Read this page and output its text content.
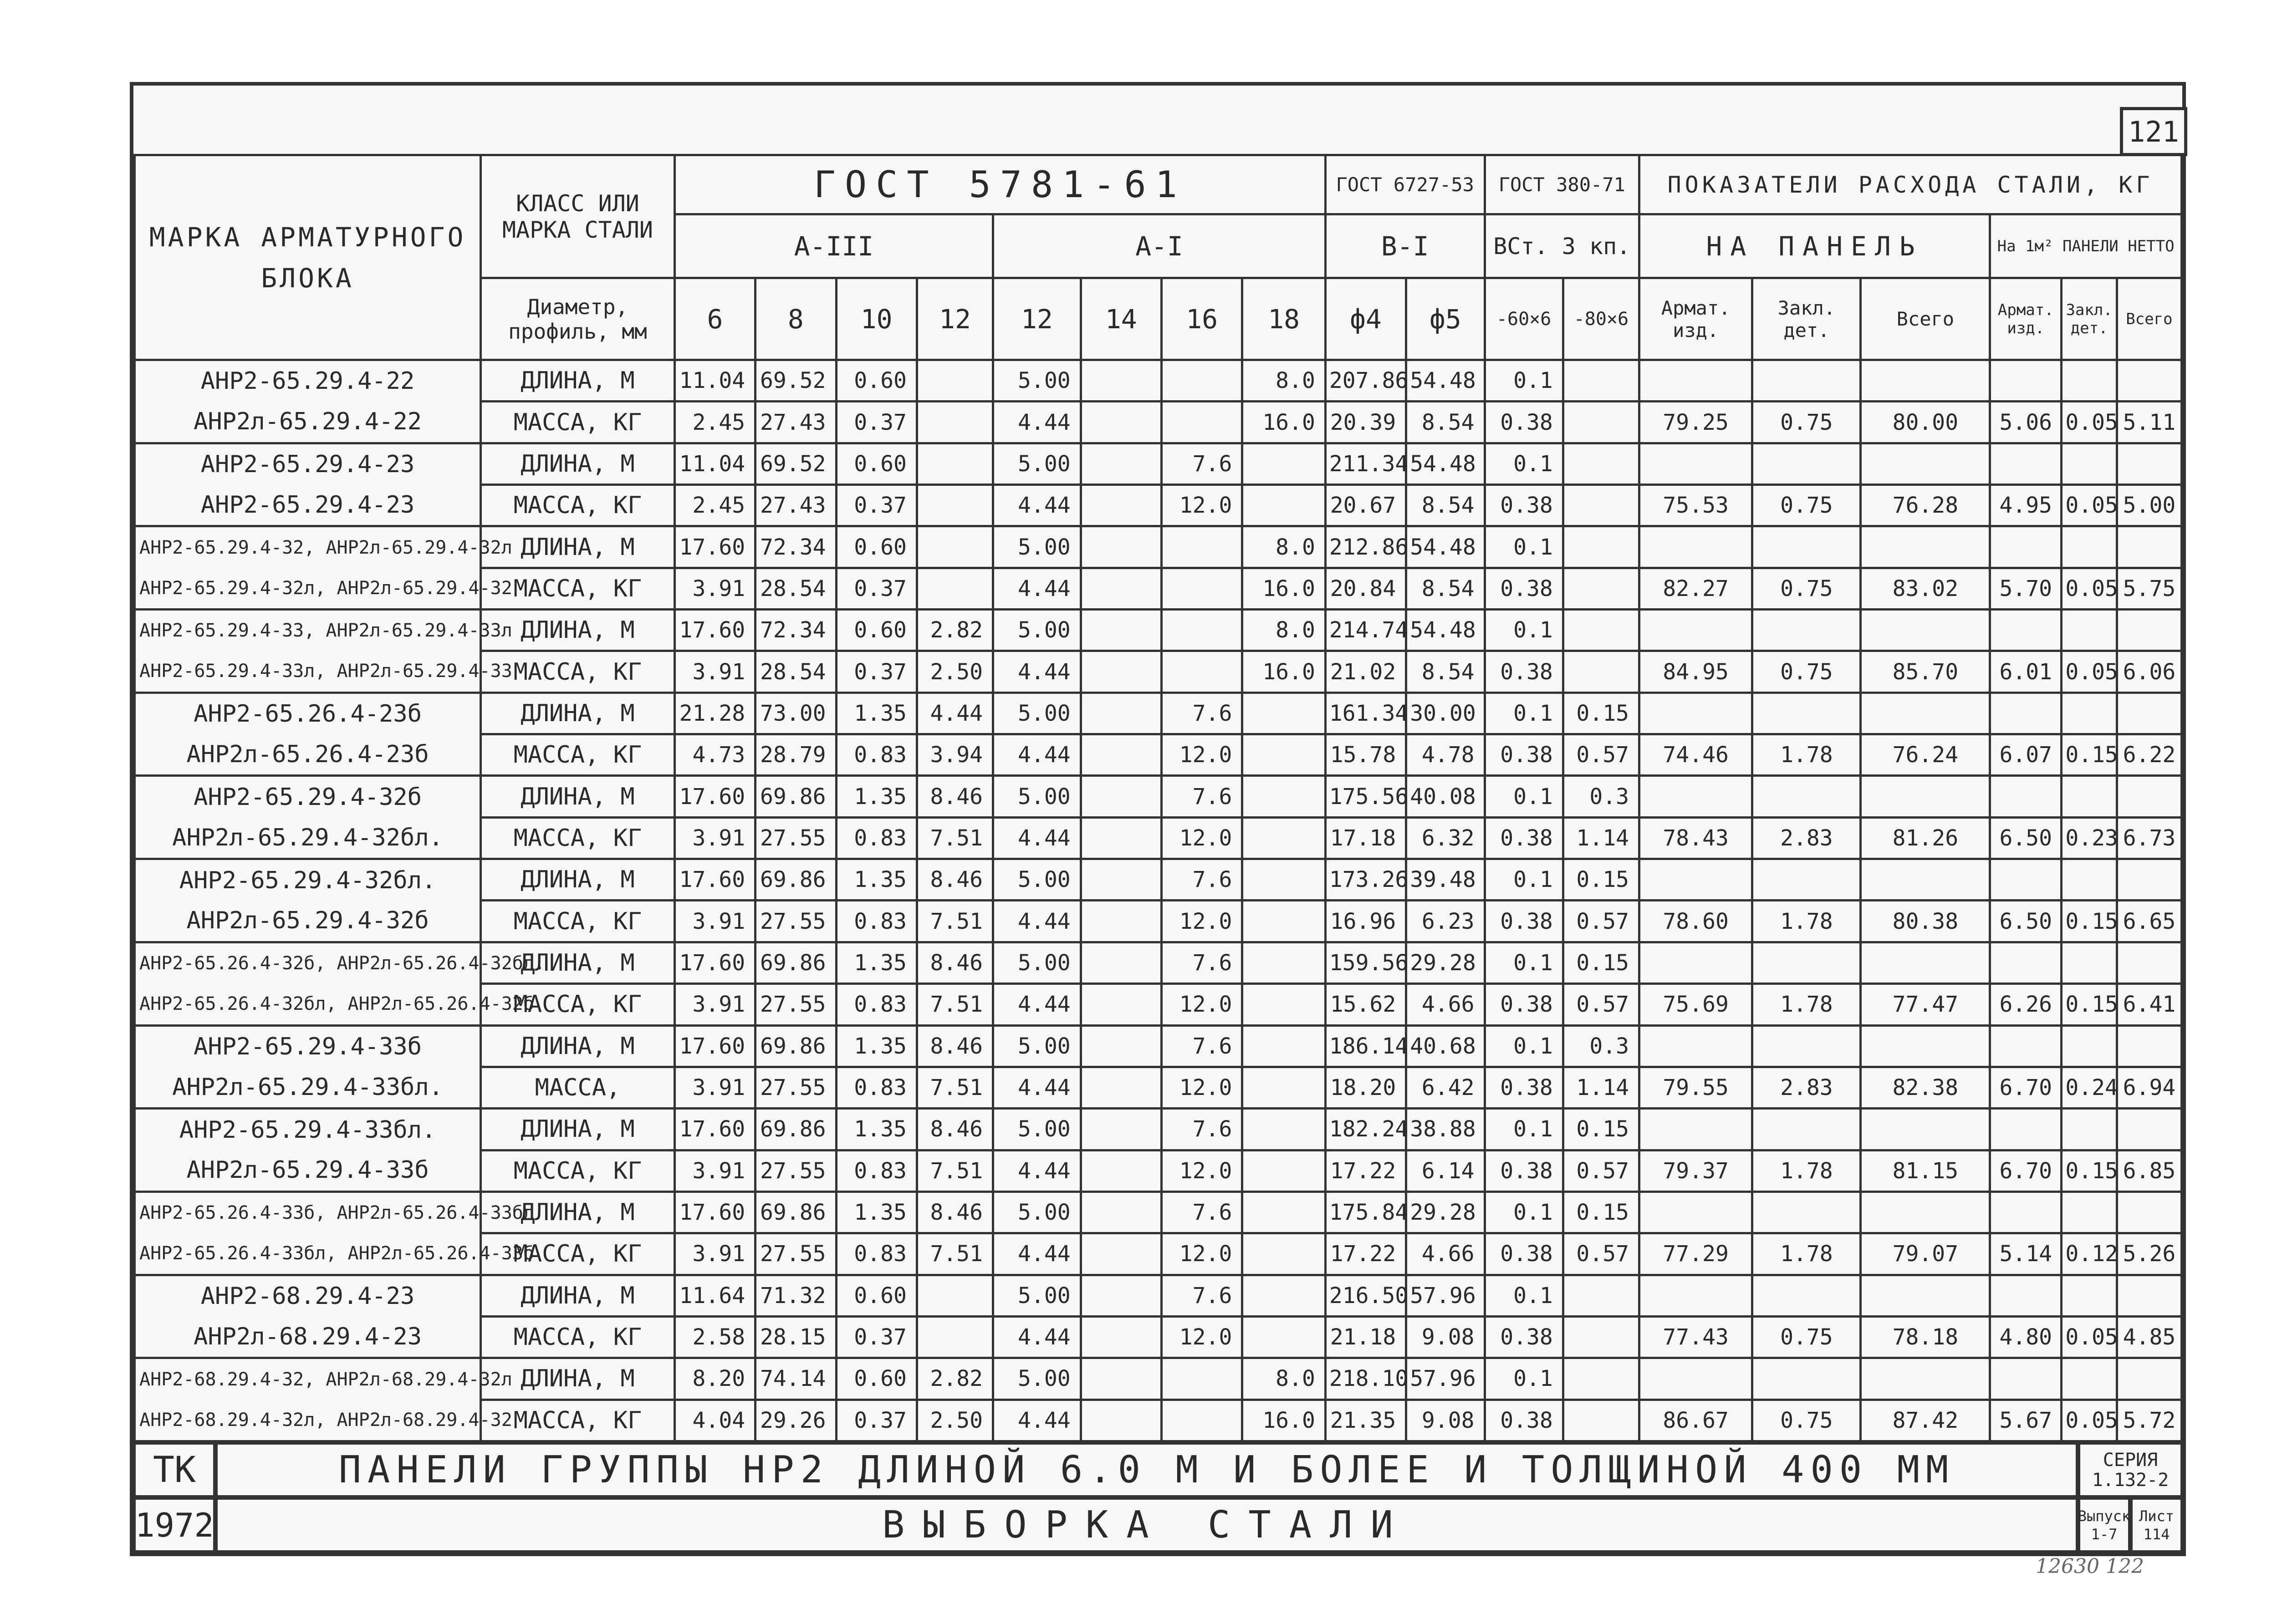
121
МАРКА АРМАТУРНОГО БЛОКА	КЛАСС ИЛИ МАРКА СТАЛИ	ГОСТ 5781-61								ГОСТ 6727-53		ГОСТ 380-71		ПОКАЗАТЕЛИ РАСХОДА СТАЛИ, КГ					
		А-III				А-I				В-I		ВСт. 3 кп.		НА ПАНЕЛЬ			На 1м² ПАНЕЛИ НЕТТО		
	Диаметр, профиль, мм	6	8	10	12	12	14	16	18	ф4	ф5	-60×6	-80×6	Армат. изд.	Закл. дет.	Всего	Армат. изд.	Закл. дет.	Всего
АНР2-65.29.4-22	ДЛИНА, М	11.04	69.52	0.60		5.00			8.0	207.86	54.48	0.1							
АНР2л-65.29.4-22	МАССА, КГ	2.45	27.43	0.37		4.44			16.0	20.39	8.54	0.38		79.25	0.75	80.00	5.06	0.05	5.11
АНР2-65.29.4-23	ДЛИНА, М	11.04	69.52	0.60		5.00		7.6		211.34	54.48	0.1							
АНР2-65.29.4-23	МАССА, КГ	2.45	27.43	0.37		4.44		12.0		20.67	8.54	0.38		75.53	0.75	76.28	4.95	0.05	5.00
АНР2-65.29.4-32, АНР2л-65.29.4-32л	ДЛИНА, М	17.60	72.34	0.60		5.00			8.0	212.86	54.48	0.1							
АНР2-65.29.4-32л, АНР2л-65.29.4-32	МАССА, КГ	3.91	28.54	0.37		4.44			16.0	20.84	8.54	0.38		82.27	0.75	83.02	5.70	0.05	5.75
АНР2-65.29.4-33, АНР2л-65.29.4-33л	ДЛИНА, М	17.60	72.34	0.60	2.82	5.00			8.0	214.74	54.48	0.1							
АНР2-65.29.4-33л, АНР2л-65.29.4-33	МАССА, КГ	3.91	28.54	0.37	2.50	4.44			16.0	21.02	8.54	0.38		84.95	0.75	85.70	6.01	0.05	6.06
АНР2-65.26.4-23б	ДЛИНА, М	21.28	73.00	1.35	4.44	5.00		7.6		161.34	30.00	0.1	0.15						
АНР2л-65.26.4-23б	МАССА, КГ	4.73	28.79	0.83	3.94	4.44		12.0		15.78	4.78	0.38	0.57	74.46	1.78	76.24	6.07	0.15	6.22
АНР2-65.29.4-32б	ДЛИНА, М	17.60	69.86	1.35	8.46	5.00		7.6		175.56	40.08	0.1	0.3						
АНР2л-65.29.4-32бл.	МАССА, КГ	3.91	27.55	0.83	7.51	4.44		12.0		17.18	6.32	0.38	1.14	78.43	2.83	81.26	6.50	0.23	6.73
АНР2-65.29.4-32бл.	ДЛИНА, М	17.60	69.86	1.35	8.46	5.00		7.6		173.26	39.48	0.1	0.15						
АНР2л-65.29.4-32б	МАССА, КГ	3.91	27.55	0.83	7.51	4.44		12.0		16.96	6.23	0.38	0.57	78.60	1.78	80.38	6.50	0.15	6.65
АНР2-65.26.4-32б, АНР2л-65.26.4-32бл.	ДЛИНА, М	17.60	69.86	1.35	8.46	5.00		7.6		159.56	29.28	0.1	0.15						
АНР2-65.26.4-32бл, АНР2л-65.26.4-32б	МАССА, КГ	3.91	27.55	0.83	7.51	4.44		12.0		15.62	4.66	0.38	0.57	75.69	1.78	77.47	6.26	0.15	6.41
АНР2-65.29.4-33б	ДЛИНА, М	17.60	69.86	1.35	8.46	5.00		7.6		186.14	40.68	0.1	0.3						
АНР2л-65.29.4-33бл.	МАССА,	3.91	27.55	0.83	7.51	4.44		12.0		18.20	6.42	0.38	1.14	79.55	2.83	82.38	6.70	0.24	6.94
АНР2-65.29.4-33бл.	ДЛИНА, М	17.60	69.86	1.35	8.46	5.00		7.6		182.24	38.88	0.1	0.15						
АНР2л-65.29.4-33б	МАССА, КГ	3.91	27.55	0.83	7.51	4.44		12.0		17.22	6.14	0.38	0.57	79.37	1.78	81.15	6.70	0.15	6.85
АНР2-65.26.4-33б, АНР2л-65.26.4-33бл	ДЛИНА, М	17.60	69.86	1.35	8.46	5.00		7.6		175.84	29.28	0.1	0.15						
АНР2-65.26.4-33бл, АНР2л-65.26.4-33б	МАССА, КГ	3.91	27.55	0.83	7.51	4.44		12.0		17.22	4.66	0.38	0.57	77.29	1.78	79.07	5.14	0.12	5.26
АНР2-68.29.4-23	ДЛИНА, М	11.64	71.32	0.60		5.00		7.6		216.50	57.96	0.1							
АНР2л-68.29.4-23	МАССА, КГ	2.58	28.15	0.37		4.44		12.0		21.18	9.08	0.38		77.43	0.75	78.18	4.80	0.05	4.85
АНР2-68.29.4-32, АНР2л-68.29.4-32л	ДЛИНА, М	8.20	74.14	0.60	2.82	5.00			8.0	218.10	57.96	0.1							
АНР2-68.29.4-32л, АНР2л-68.29.4-32	МАССА, КГ	4.04	29.26	0.37	2.50	4.44			16.0	21.35	9.08	0.38		86.67	0.75	87.42	5.67	0.05	5.72
ТК
1972
ПАНЕЛИ ГРУППЫ НР2 ДЛИНОЙ 6.0 М И БОЛЕЕ И ТОЛЩИНОЙ 400 ММ
ВЫБОРКА СТАЛИ
СЕРИЯ
1.132-2
Выпуск
1-7
Лист
114
12630 122
